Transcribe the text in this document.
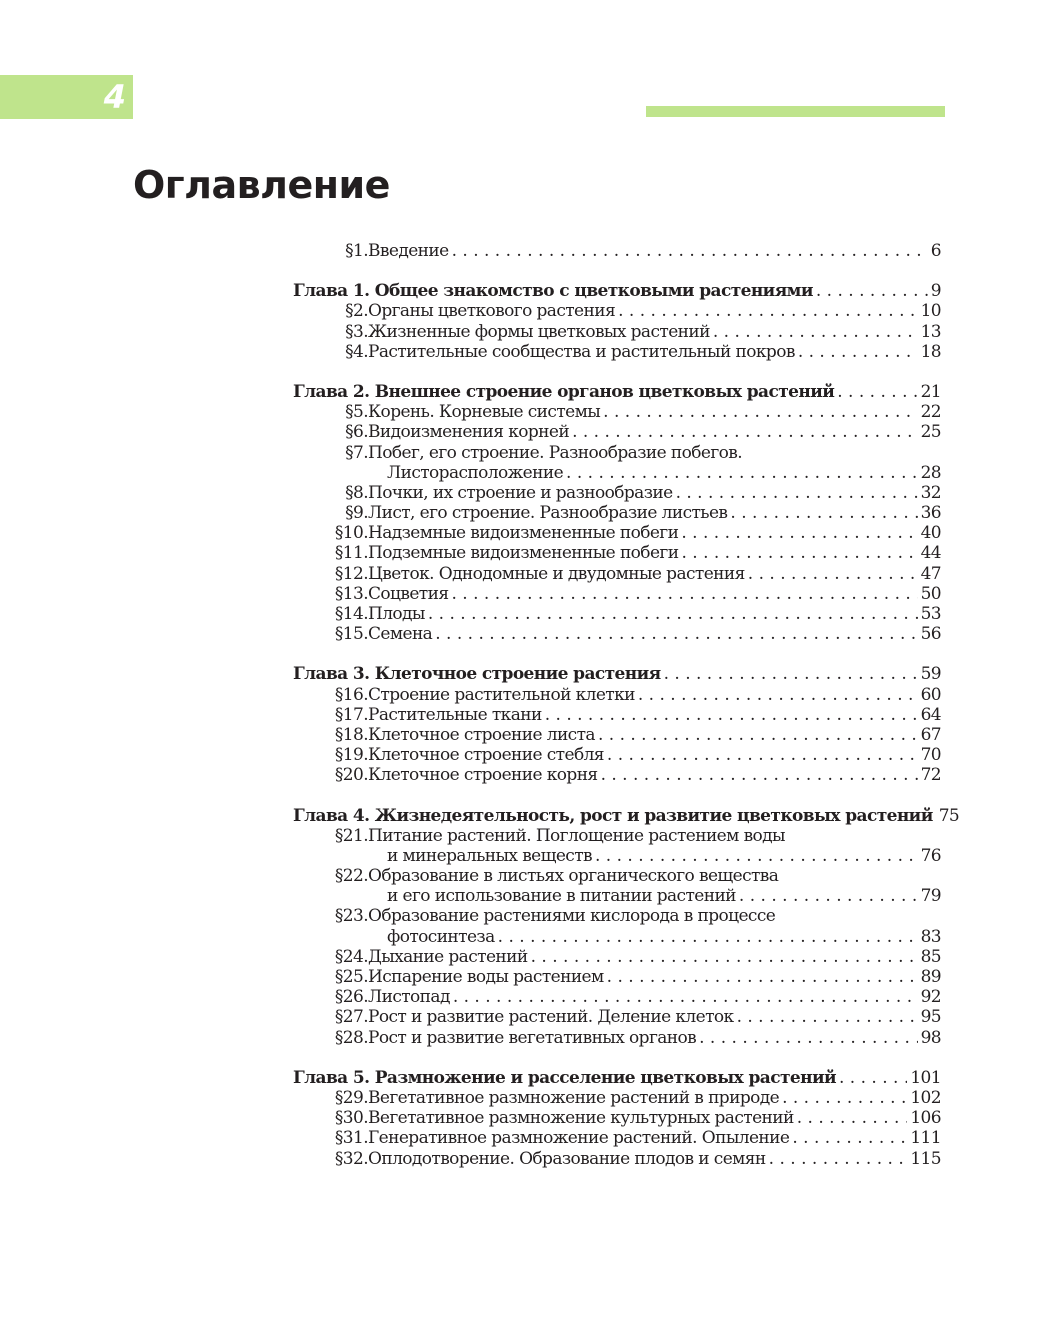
4
Оглавление
§1. Введение . . .	6
Глава 1. Общее знакомство с цветковыми растениями . . .	9
§2. Органы цветкового растения . . .	10
§3. Жизненные формы цветковых растений . . .	13
§4. Растительные сообщества и растительный покров . . .	18
Глава 2. Внешнее строение органов цветковых растений . . .	21
§5. Корень. Корневые системы . . .	22
§6. Видоизменения корней . . .	25
§7. Побег, его строение. Разнообразие побегов.
Листорасположение . . .	28
§8. Почки, их строение и разнообразие . . .	32
§9. Лист, его строение. Разнообразие листьев . . .	36
§10. Надземные видоизмененные побеги . . .	40
§11. Подземные видоизмененные побеги . . .	44
§12. Цветок. Однодомные и двудомные растения . . .	47
§13. Соцветия . . .	50
§14. Плоды . . .	53
§15. Семена . . .	56
Глава 3. Клеточное строение растения . . .	59
§16. Строение растительной клетки . . .	60
§17. Растительные ткани . . .	64
§18. Клеточное строение листа . . .	67
§19. Клеточное строение стебля . . .	70
§20. Клеточное строение корня . . .	72
Глава 4. Жизнедеятельность, рост и развитие цветковых растений 75
§21. Питание растений. Поглощение растением воды
и минеральных веществ . . .	76
§22. Образование в листьях органического вещества
и его использование в питании растений . . .	79
§23. Образование растениями кислорода в процессе
фотосинтеза . . .	83
§24. Дыхание растений . . .	85
§25. Испарение воды растением . . .	89
§26. Листопад . . .	92
§27. Рост и развитие растений. Деление клеток . . .	95
§28. Рост и развитие вегетативных органов . . .	98
Глава 5. Размножение и расселение цветковых растений . . .	101
§29. Вегетативное размножение растений в природе . . .	102
§30. Вегетативное размножение культурных растений . . .	106
§31. Генеративное размножение растений. Опыление . . .	111
§32. Оплодотворение. Образование плодов и семян . . .	115
